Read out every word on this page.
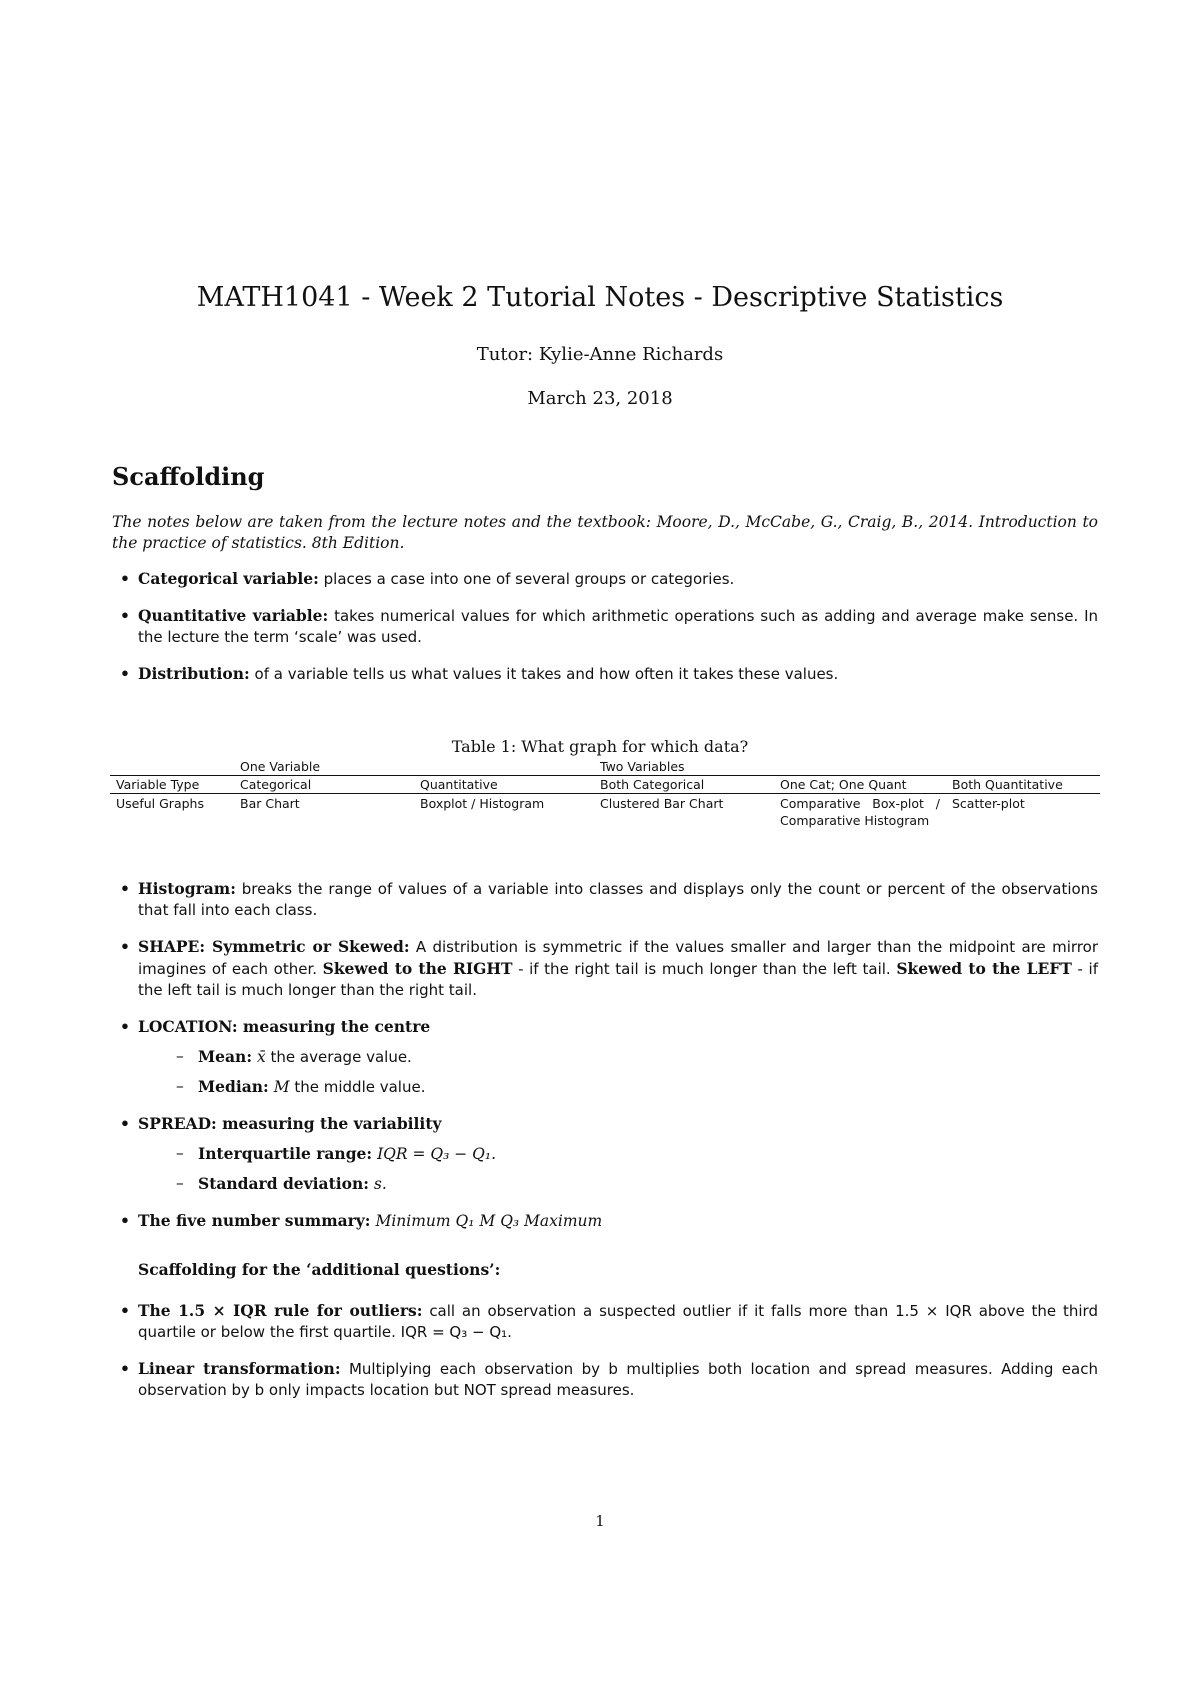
MATH1041 - Week 2 Tutorial Notes - Descriptive Statistics
Tutor: Kylie-Anne Richards
March 23, 2018
Scaffolding
The notes below are taken from the lecture notes and the textbook: Moore, D., McCabe, G., Craig, B., 2014. Introduction to the practice of statistics. 8th Edition.
• Categorical variable: places a case into one of several groups or categories.
• Quantitative variable: takes numerical values for which arithmetic operations such as adding and average make sense. In the lecture the term ‘scale’ was used.
• Distribution: of a variable tells us what values it takes and how often it takes these values.
Table 1: What graph for which data?
	One Variable		Two Variables		
Variable Type	Categorical	Quantitative	Both Categorical	One Cat; One Quant	Both Quantitative
Useful Graphs	Bar Chart	Boxplot / Histogram	Clustered Bar Chart	Comparative Box-plot / Comparative Histogram	Scatter-plot
• Histogram: breaks the range of values of a variable into classes and displays only the count or percent of the observations that fall into each class.
• SHAPE: Symmetric or Skewed: A distribution is symmetric if the values smaller and larger than the midpoint are mirror imagines of each other. Skewed to the RIGHT - if the right tail is much longer than the left tail. Skewed to the LEFT - if the left tail is much longer than the right tail.
• LOCATION: measuring the centre
– Mean: x̄ the average value.
– Median: M the middle value.
• SPREAD: measuring the variability
– Interquartile range: IQR = Q₃ − Q₁.
– Standard deviation: s.
• The five number summary: Minimum Q₁ M Q₃ Maximum
Scaffolding for the ‘additional questions’:
• The 1.5 × IQR rule for outliers: call an observation a suspected outlier if it falls more than 1.5 × IQR above the third quartile or below the first quartile. IQR = Q₃ − Q₁.
• Linear transformation: Multiplying each observation by b multiplies both location and spread measures. Adding each observation by b only impacts location but NOT spread measures.
1
